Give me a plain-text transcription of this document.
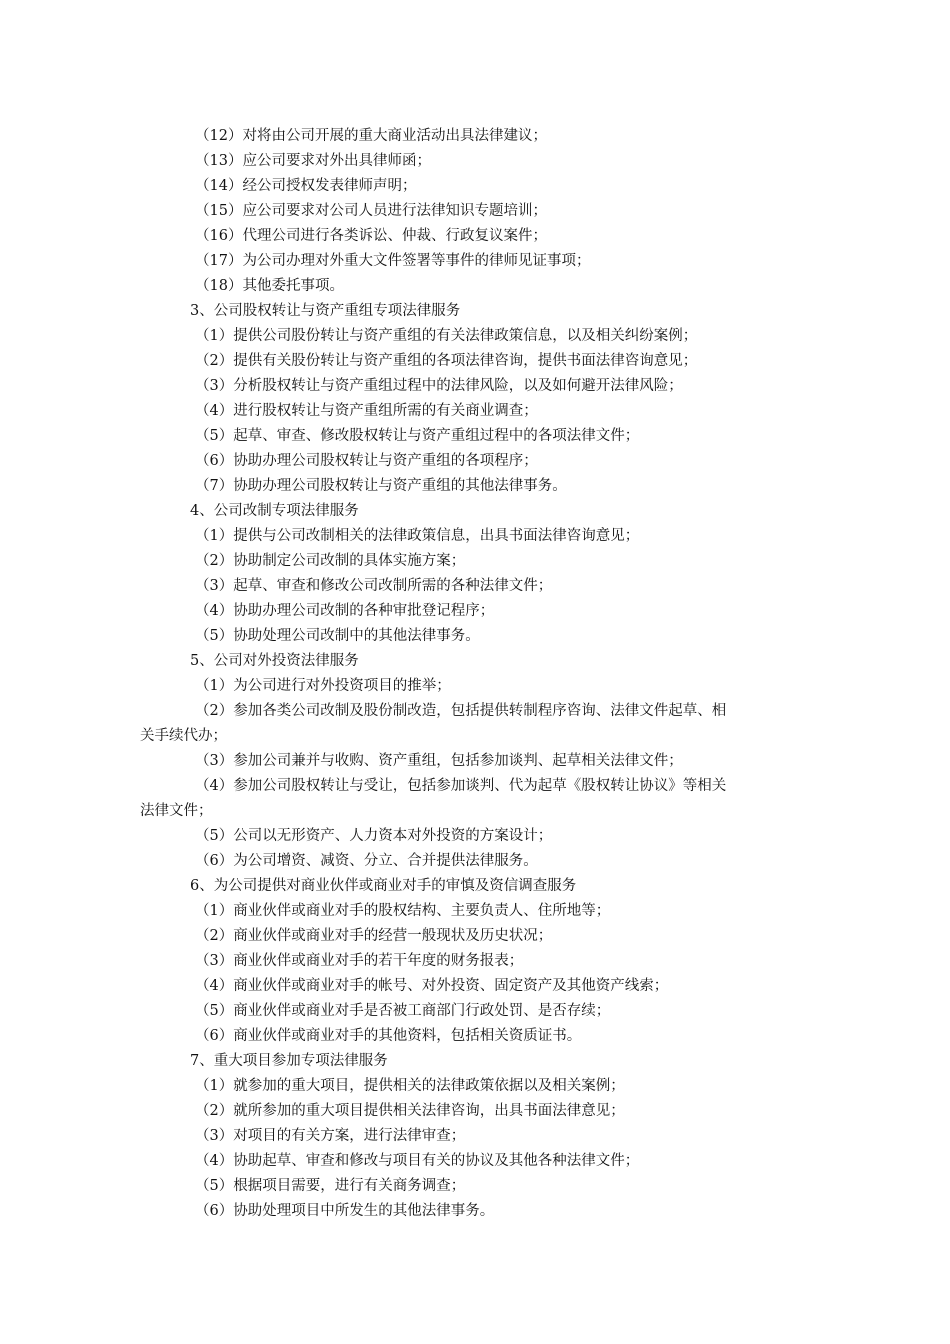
（12）对将由公司开展的重大商业活动出具法律建议；
（13）应公司要求对外出具律师函；
（14）经公司授权发表律师声明；
（15）应公司要求对公司人员进行法律知识专题培训；
（16）代理公司进行各类诉讼、仲裁、行政复议案件；
（17）为公司办理对外重大文件签署等事件的律师见证事项；
（18）其他委托事项。
3、公司股权转让与资产重组专项法律服务
（1）提供公司股份转让与资产重组的有关法律政策信息，以及相关纠纷案例；
（2）提供有关股份转让与资产重组的各项法律咨询，提供书面法律咨询意见；
（3）分析股权转让与资产重组过程中的法律风险，以及如何避开法律风险；
（4）进行股权转让与资产重组所需的有关商业调查；
（5）起草、审查、修改股权转让与资产重组过程中的各项法律文件；
（6）协助办理公司股权转让与资产重组的各项程序；
（7）协助办理公司股权转让与资产重组的其他法律事务。
4、公司改制专项法律服务
（1）提供与公司改制相关的法律政策信息，出具书面法律咨询意见；
（2）协助制定公司改制的具体实施方案；
（3）起草、审查和修改公司改制所需的各种法律文件；
（4）协助办理公司改制的各种审批登记程序；
（5）协助处理公司改制中的其他法律事务。
5、公司对外投资法律服务
（1）为公司进行对外投资项目的推举；
（2）参加各类公司改制及股份制改造，包括提供转制程序咨询、法律文件起草、相
关手续代办；
（3）参加公司兼并与收购、资产重组，包括参加谈判、起草相关法律文件；
（4）参加公司股权转让与受让，包括参加谈判、代为起草《股权转让协议》等相关
法律文件；
（5）公司以无形资产、人力资本对外投资的方案设计；
（6）为公司增资、减资、分立、合并提供法律服务。
6、为公司提供对商业伙伴或商业对手的审慎及资信调查服务
（1）商业伙伴或商业对手的股权结构、主要负责人、住所地等；
（2）商业伙伴或商业对手的经营一般现状及历史状况；
（3）商业伙伴或商业对手的若干年度的财务报表；
（4）商业伙伴或商业对手的帐号、对外投资、固定资产及其他资产线索；
（5）商业伙伴或商业对手是否被工商部门行政处罚、是否存续；
（6）商业伙伴或商业对手的其他资料，包括相关资质证书。
7、重大项目参加专项法律服务
（1）就参加的重大项目，提供相关的法律政策依据以及相关案例；
（2）就所参加的重大项目提供相关法律咨询，出具书面法律意见；
（3）对项目的有关方案，进行法律审查；
（4）协助起草、审查和修改与项目有关的协议及其他各种法律文件；
（5）根据项目需要，进行有关商务调查；
（6）协助处理项目中所发生的其他法律事务。
